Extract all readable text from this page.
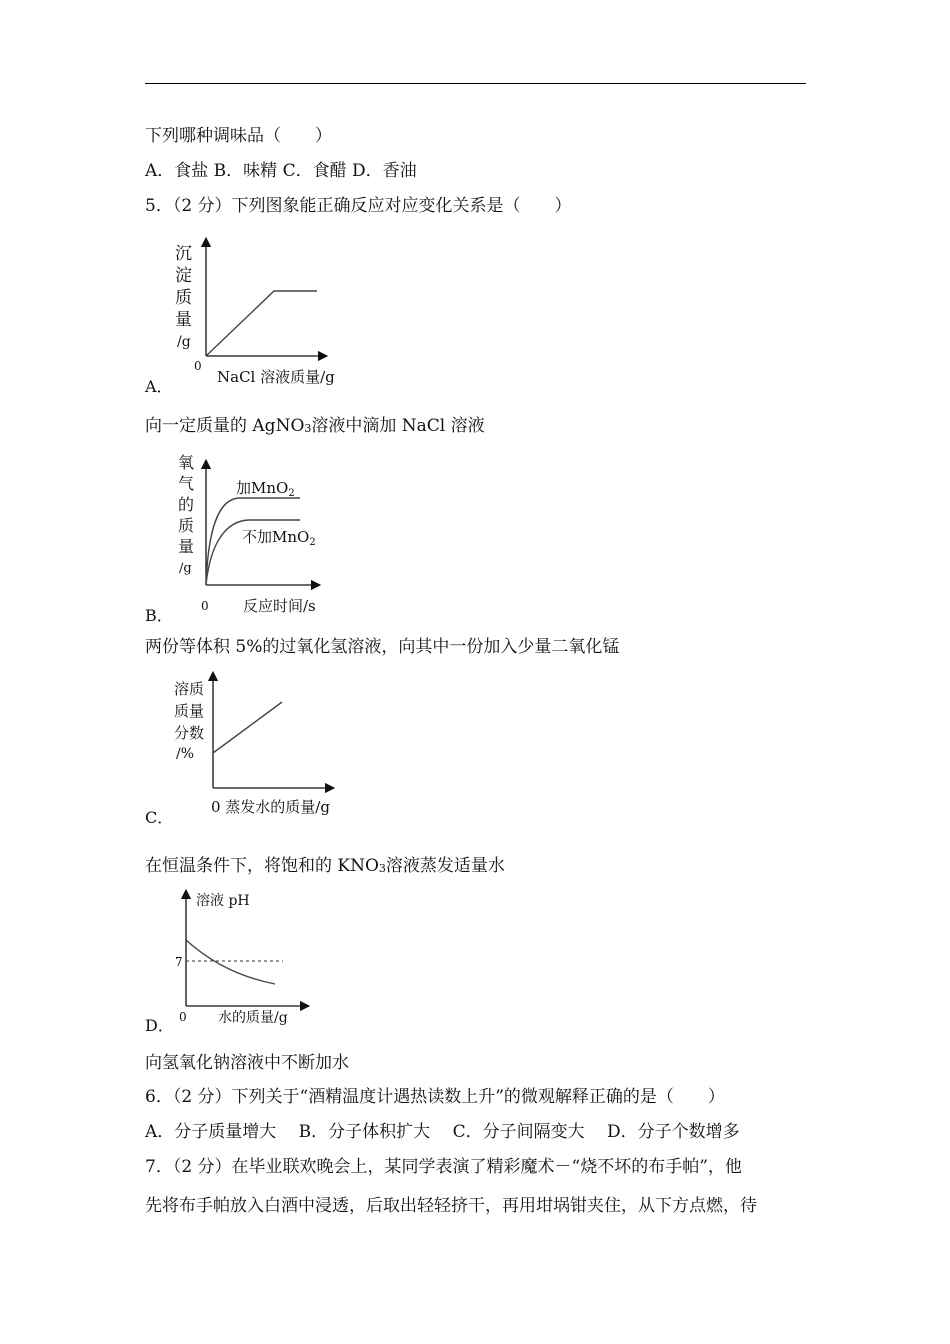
下列哪种调味品（　　）
A．食盐 B．味精 C．食醋 D．香油
5．（2 分）下列图象能正确反应对应变化关系是（　　）
沉
淀
质
量
/g
0
NaCl 溶液质量/g
A．
向一定质量的 AgNO3溶液中滴加 NaCl 溶液
氧
气
的
质
量
/g
加MnO$_2$
不加MnO$_2$
0 反应时间/s
B．
两份等体积 5%的过氧化氢溶液，向其中一份加入少量二氧化锰
溶质
质量
分数
/%
0 蒸发水的质量/g
C．
在恒温条件下，将饱和的 KNO3溶液蒸发适量水
溶液 pH
7
0 水的质量/g
D．
向氢氧化钠溶液中不断加水
6．（2 分）下列关于“酒精温度计遇热读数上升”的微观解释正确的是（　　）
A．分子质量增大　 B．分子体积扩大　 C．分子间隔变大　 D．分子个数增多
7．（2 分）在毕业联欢晚会上，某同学表演了精彩魔术－“烧不坏的布手帕”，他
先将布手帕放入白酒中浸透，后取出轻轻挤干，再用坩埚钳夹住，从下方点燃，待
